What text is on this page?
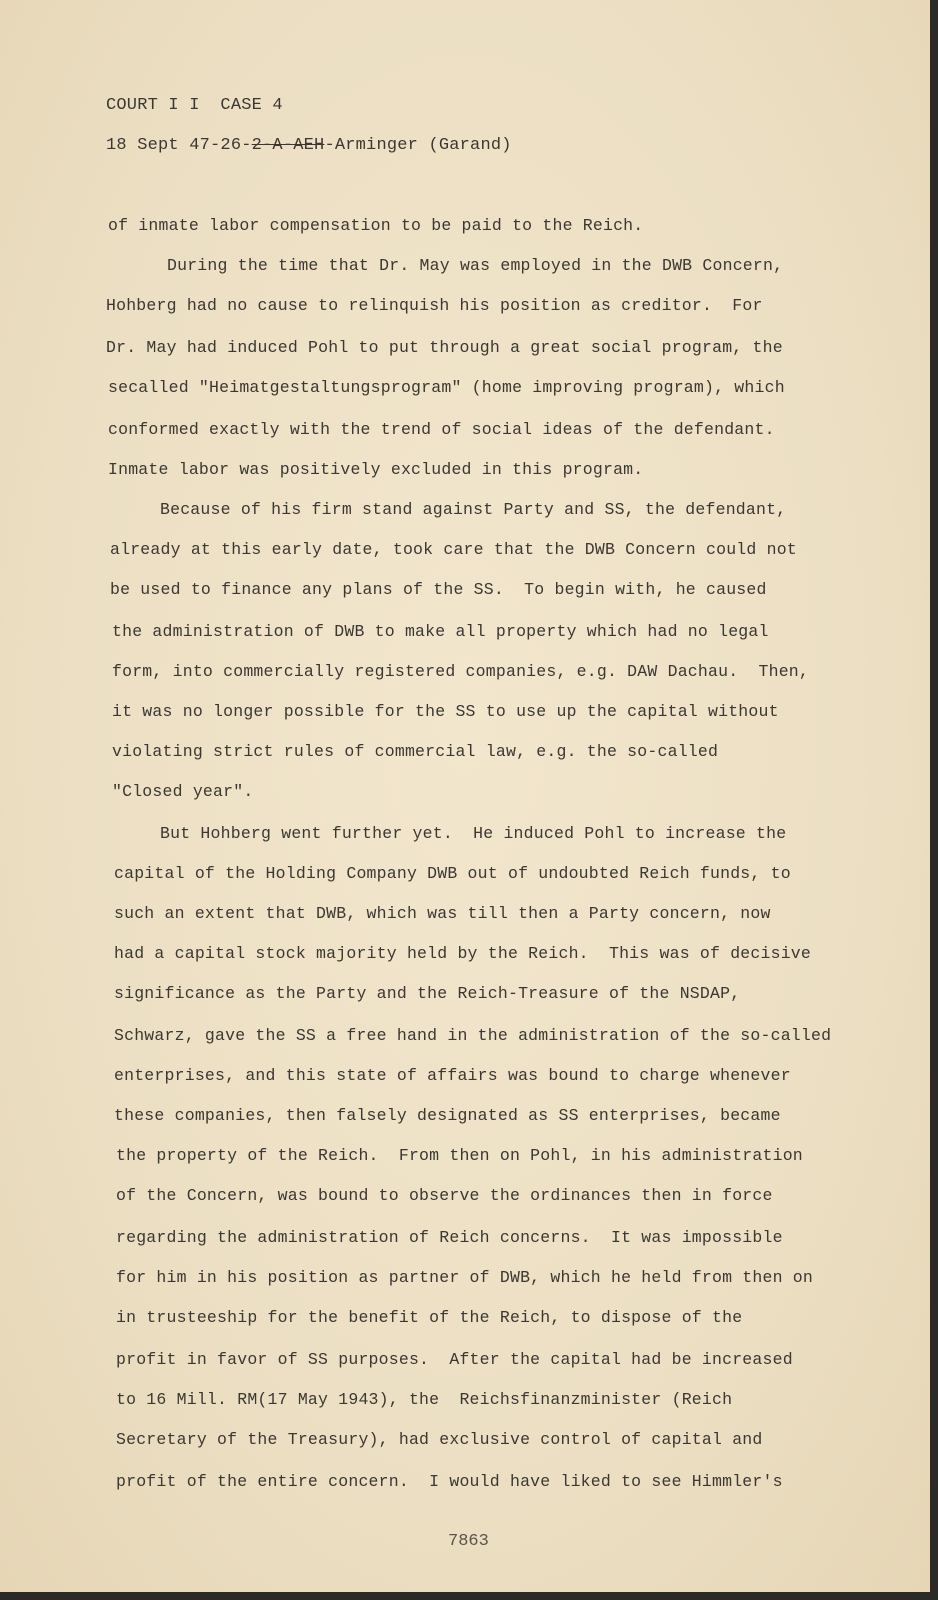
COURT I I  CASE 4
18 Sept 47-26-2-A-AEH-Arminger (Garand)
of inmate labor compensation to be paid to the Reich.
During the time that Dr. May was employed in the DWB Concern,
Hohberg had no cause to relinquish his position as creditor.  For
Dr. May had induced Pohl to put through a great social program, the
secalled "Heimatgestaltungsprogram" (home improving program), which
conformed exactly with the trend of social ideas of the defendant.
Inmate labor was positively excluded in this program.
Because of his firm stand against Party and SS, the defendant,
already at this early date, took care that the DWB Concern could not
be used to finance any plans of the SS.  To begin with, he caused
the administration of DWB to make all property which had no legal
form, into commercially registered companies, e.g. DAW Dachau.  Then,
it was no longer possible for the SS to use up the capital without
violating strict rules of commercial law, e.g. the so-called
"Closed year".
But Hohberg went further yet.  He induced Pohl to increase the
capital of the Holding Company DWB out of undoubted Reich funds, to
such an extent that DWB, which was till then a Party concern, now
had a capital stock majority held by the Reich.  This was of decisive
significance as the Party and the Reich-Treasure of the NSDAP,
Schwarz, gave the SS a free hand in the administration of the so-called
enterprises, and this state of affairs was bound to charge whenever
these companies, then falsely designated as SS enterprises, became
the property of the Reich.  From then on Pohl, in his administration
of the Concern, was bound to observe the ordinances then in force
regarding the administration of Reich concerns.  It was impossible
for him in his position as partner of DWB, which he held from then on
in trusteeship for the benefit of the Reich, to dispose of the
profit in favor of SS purposes.  After the capital had be increased
to 16 Mill. RM(17 May 1943), the  Reichsfinanzminister (Reich
Secretary of the Treasury), had exclusive control of capital and
profit of the entire concern.  I would have liked to see Himmler's
7863
